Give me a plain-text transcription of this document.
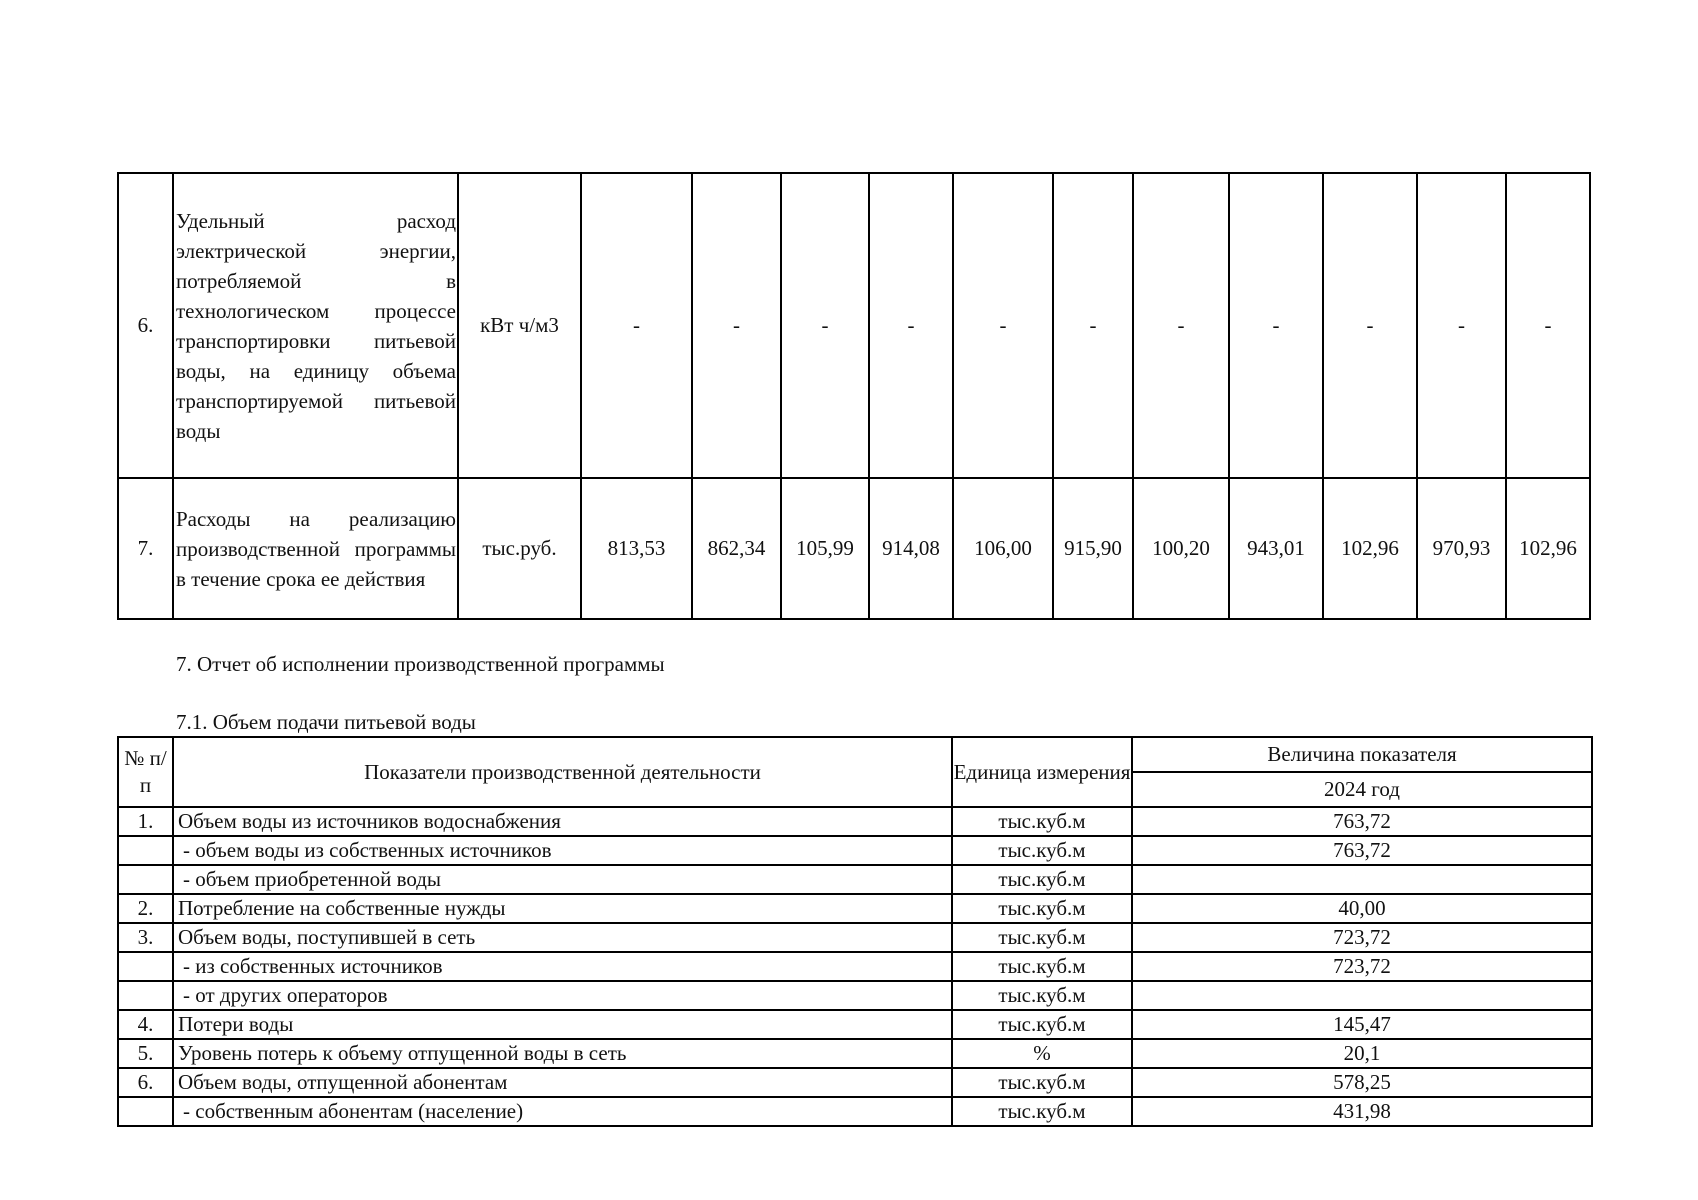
6.	Удельный расход электрической энергии, потребляемой в технологическом процессе транспортировки питьевой воды, на единицу объема транспортируемой питьевой воды	кВт ч/м3	-	-	-	-	-	-	-	-	-	-	-
7.	Расходы на реализацию производственной программы в течение срока ее действия	тыс.руб.	813,53	862,34	105,99	914,08	106,00	915,90	100,20	943,01	102,96	970,93	102,96

7. Отчет об исполнении производственной программы

7.1. Объем подачи питьевой воды

№ п/п	Показатели производственной деятельности	Единица измерения	Величина показателя
			2024 год
1.	Объем воды из источников водоснабжения	тыс.куб.м	763,72
	- объем воды из собственных источников	тыс.куб.м	763,72
	- объем приобретенной воды	тыс.куб.м	
2.	Потребление на собственные нужды	тыс.куб.м	40,00
3.	Объем воды, поступившей в сеть	тыс.куб.м	723,72
	- из собственных источников	тыс.куб.м	723,72
	- от других операторов	тыс.куб.м	
4.	Потери воды	тыс.куб.м	145,47
5.	Уровень потерь к объему отпущенной воды в сеть	%	20,1
6.	Объем воды, отпущенной абонентам	тыс.куб.м	578,25
	- собственным абонентам (население)	тыс.куб.м	431,98
